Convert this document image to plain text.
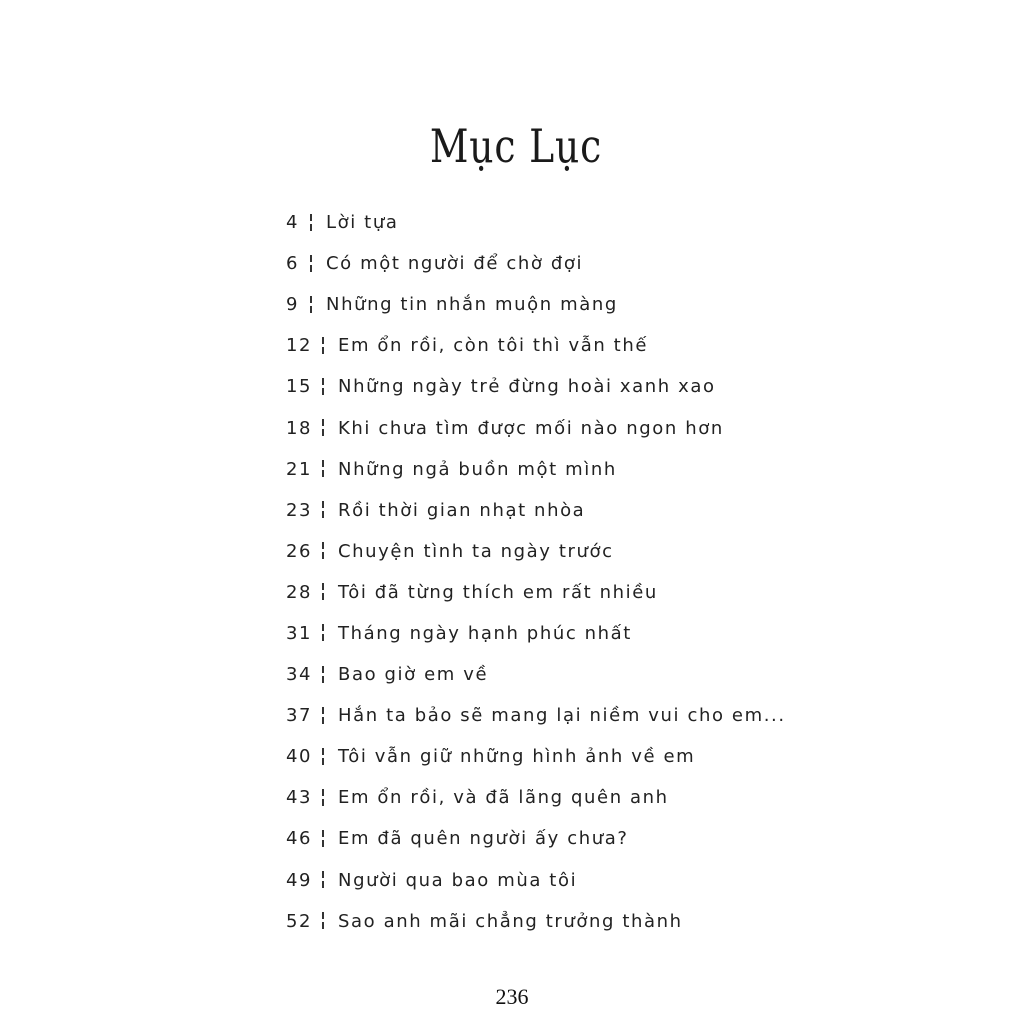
Mục Lục
4 Lời tựa
6 Có một người để chờ đợi
9 Những tin nhắn muộn màng
12 Em ổn rồi, còn tôi thì vẫn thế
15 Những ngày trẻ đừng hoài xanh xao
18 Khi chưa tìm được mối nào ngon hơn
21 Những ngả buồn một mình
23 Rồi thời gian nhạt nhòa
26 Chuyện tình ta ngày trước
28 Tôi đã từng thích em rất nhiều
31 Tháng ngày hạnh phúc nhất
34 Bao giờ em về
37 Hắn ta bảo sẽ mang lại niềm vui cho em...
40 Tôi vẫn giữ những hình ảnh về em
43 Em ổn rồi, và đã lãng quên anh
46 Em đã quên người ấy chưa?
49 Người qua bao mùa tôi
52 Sao anh mãi chẳng trưởng thành
236
